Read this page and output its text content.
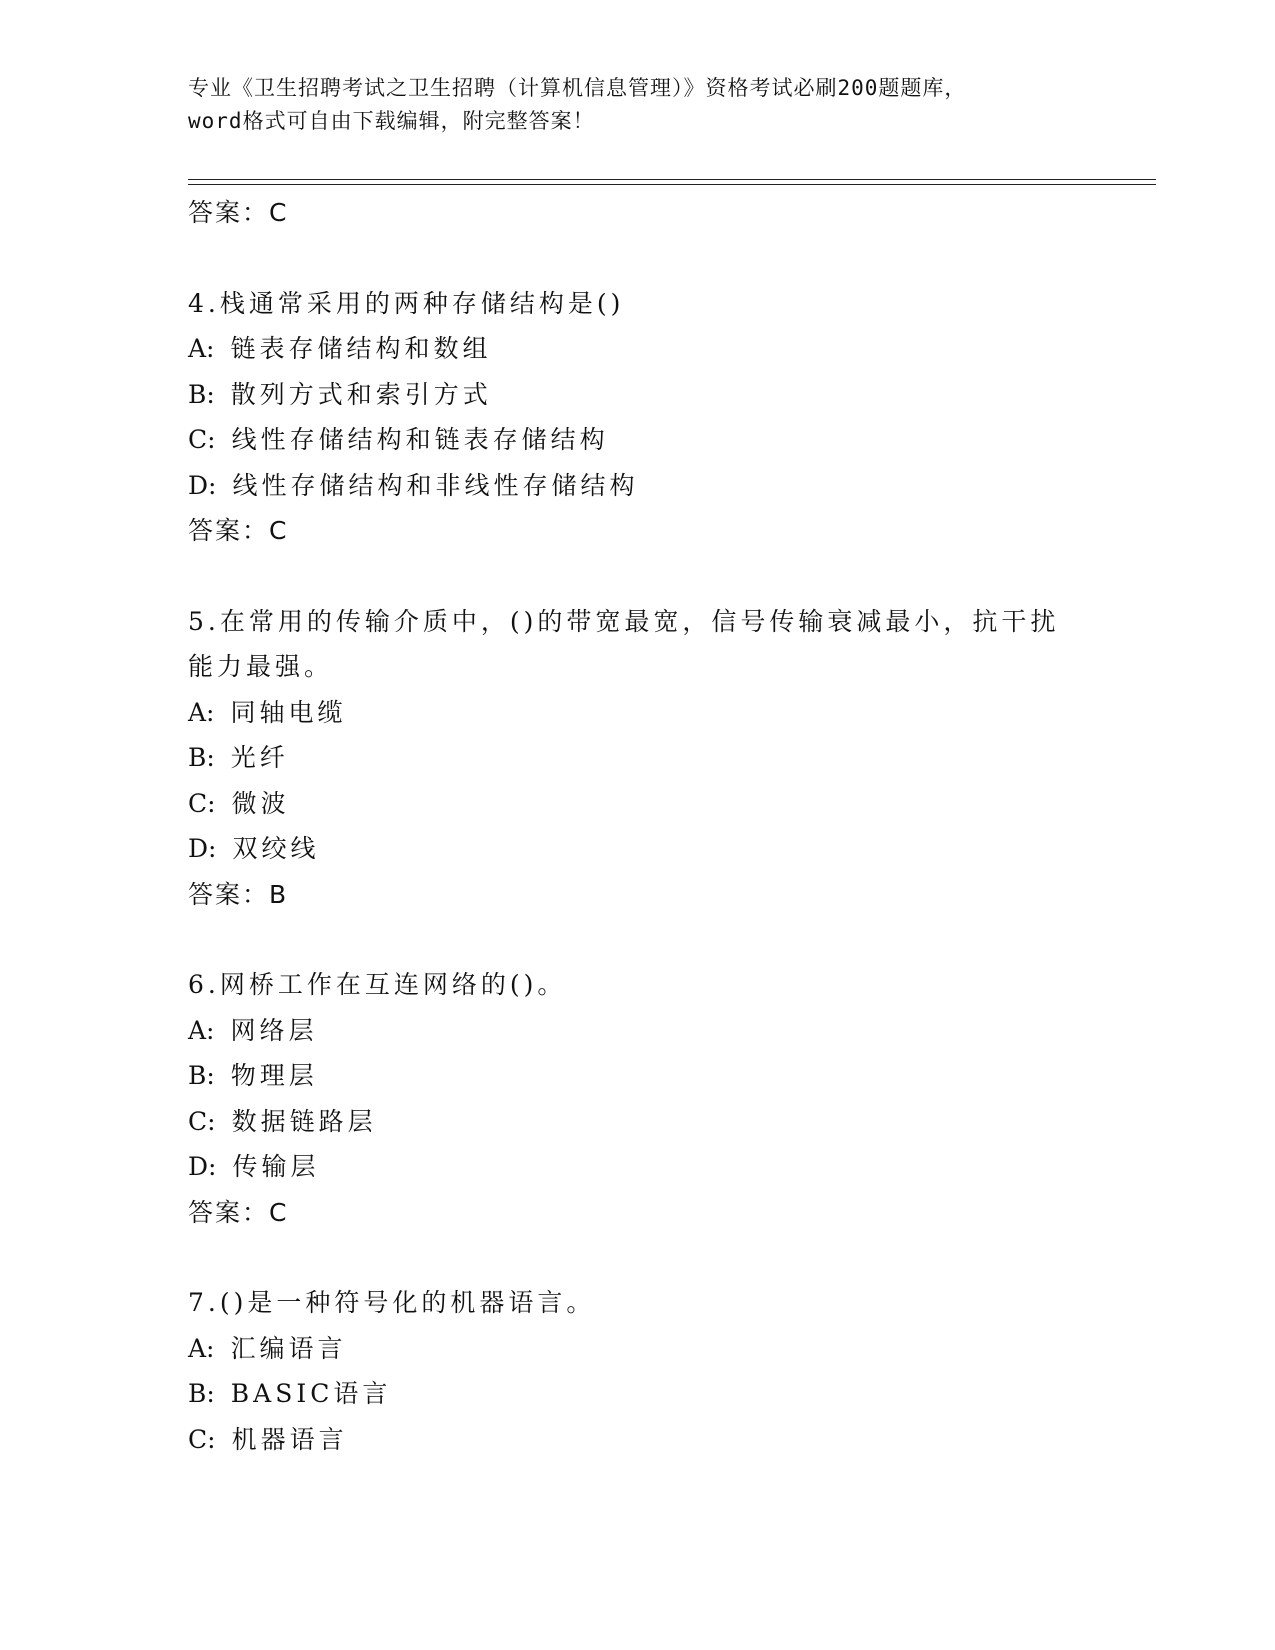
专业《卫生招聘考试之卫生招聘（计算机信息管理）》资格考试必刷200题题库，
word格式可自由下载编辑，附完整答案！
答案：C
4.栈通常采用的两种存储结构是()
A: 链表存储结构和数组
B: 散列方式和索引方式
C: 线性存储结构和链表存储结构
D: 线性存储结构和非线性存储结构
答案：C
5.在常用的传输介质中，()的带宽最宽，信号传输衰减最小，抗干扰
能力最强。
A: 同轴电缆
B: 光纤
C: 微波
D: 双绞线
答案：B
6.网桥工作在互连网络的()。
A: 网络层
B: 物理层
C: 数据链路层
D: 传输层
答案：C
7.()是一种符号化的机器语言。
A: 汇编语言
B: BASIC语言
C: 机器语言
